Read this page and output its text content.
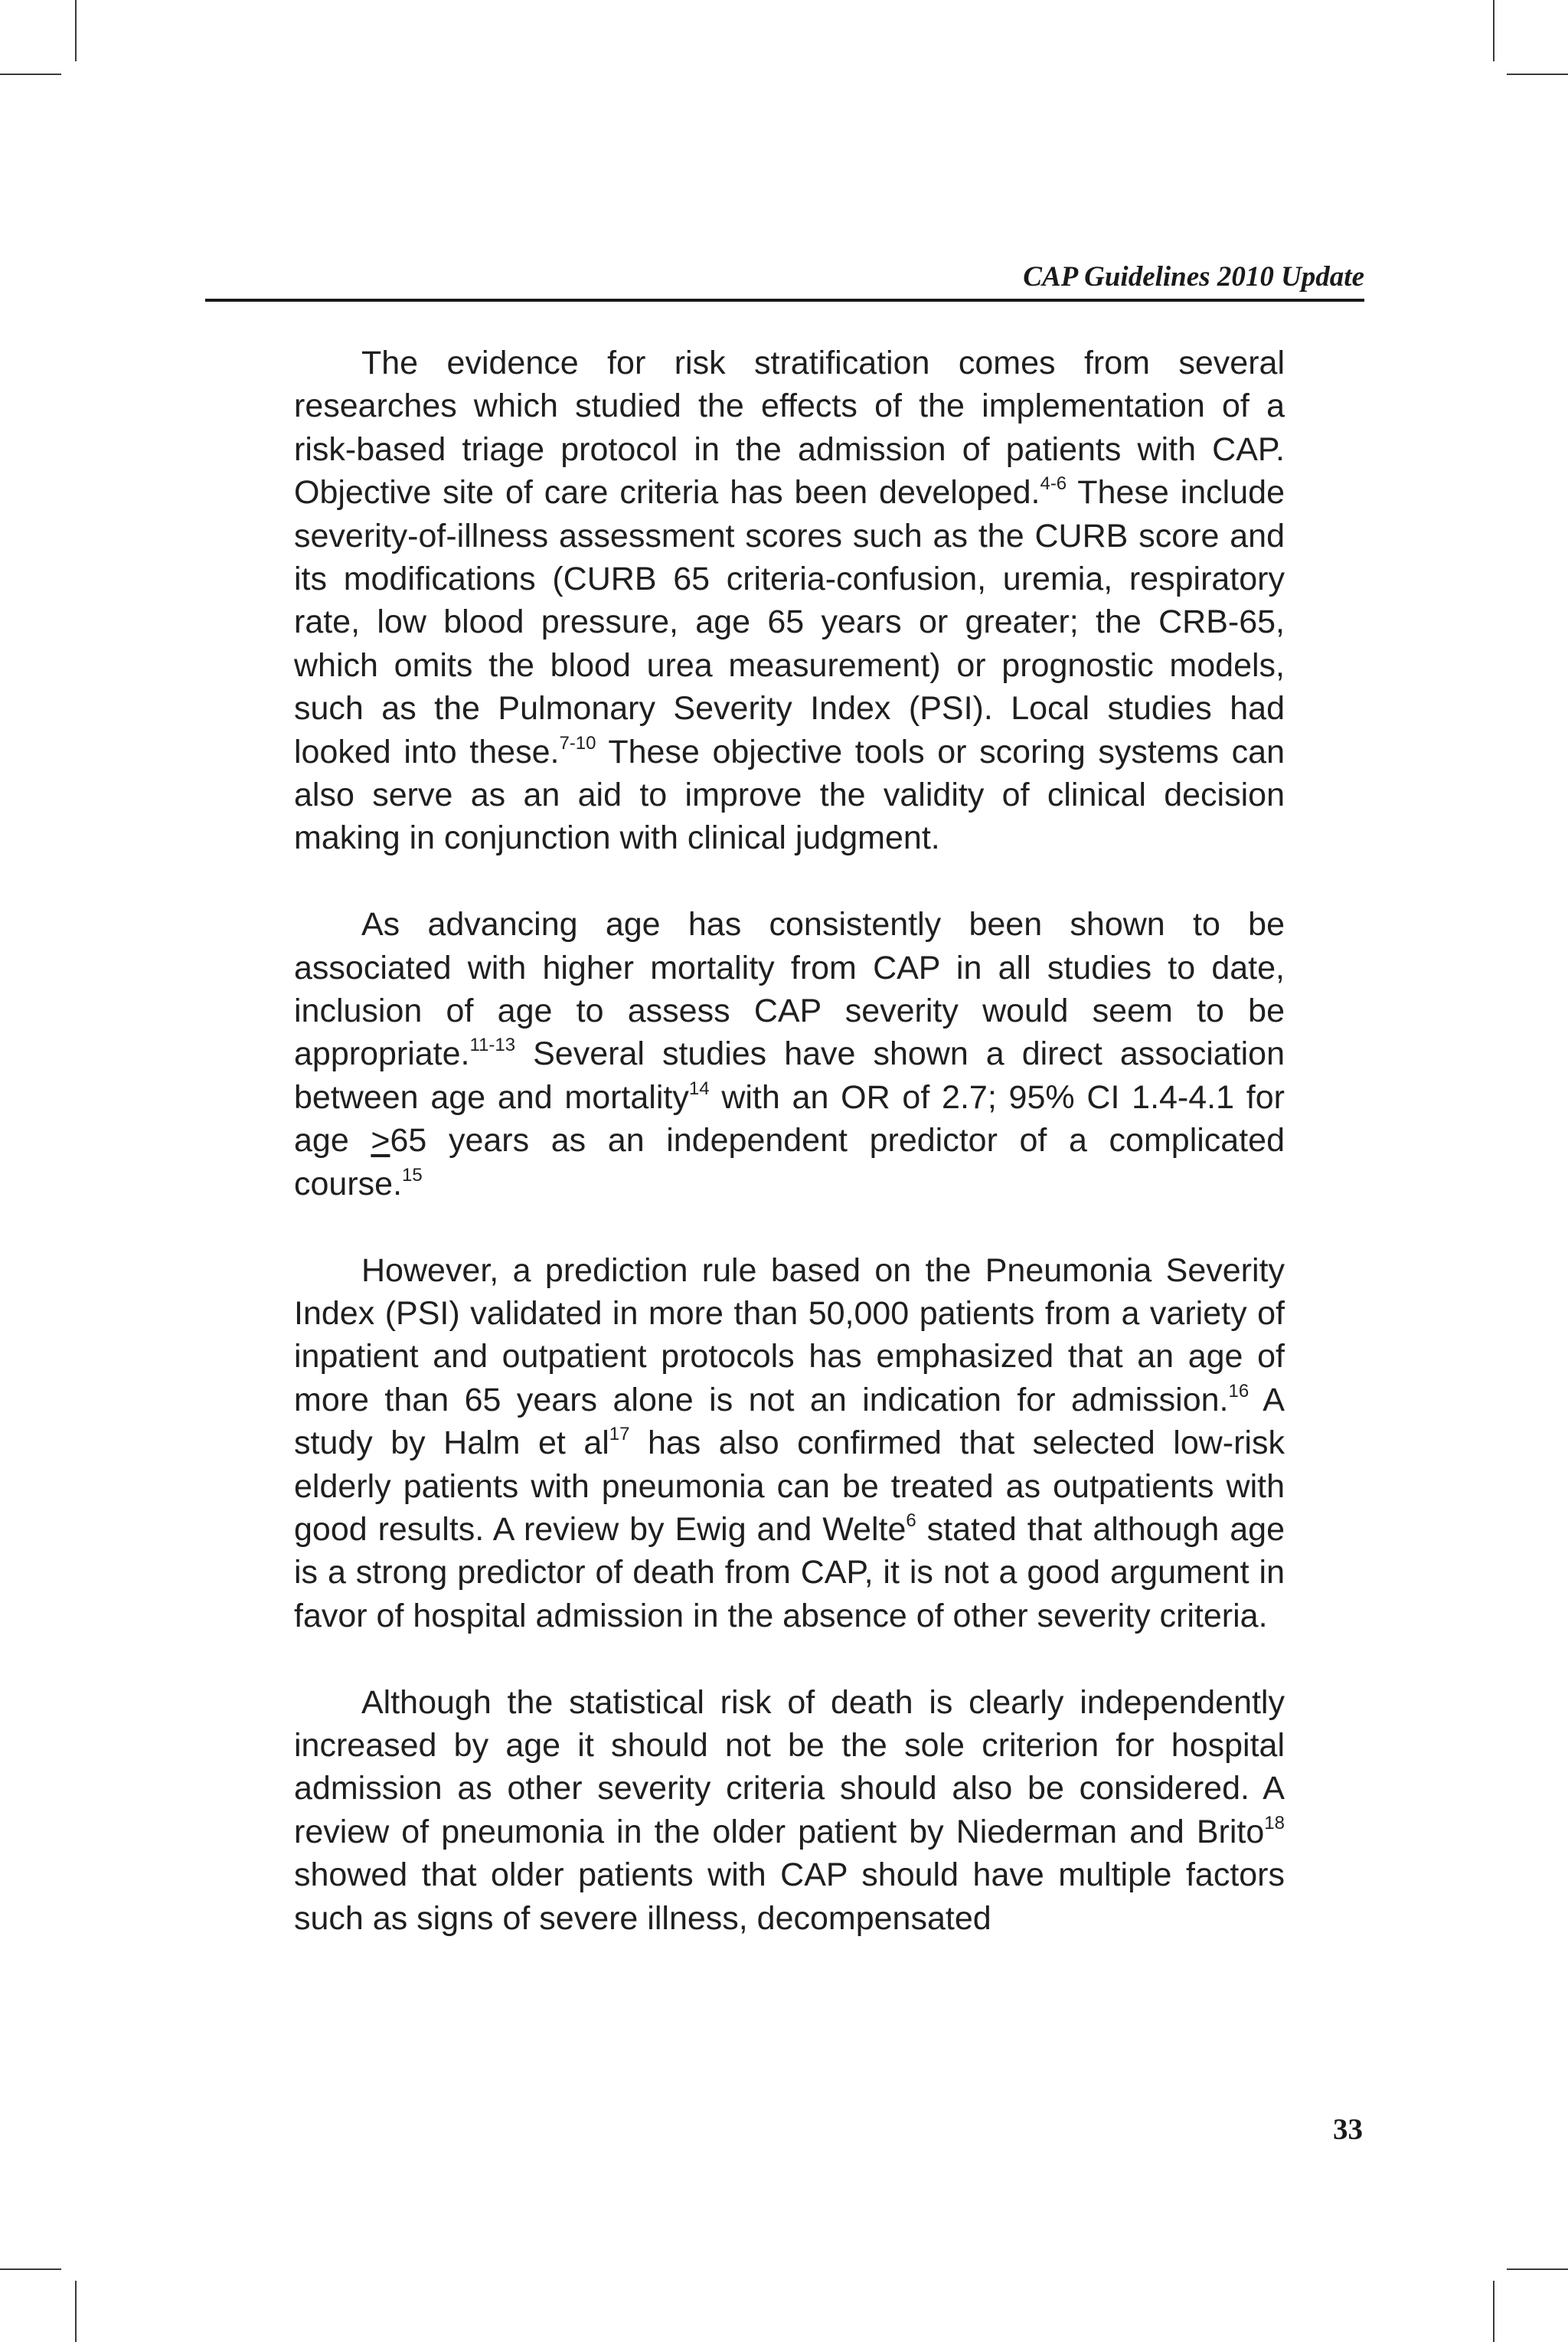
CAP Guidelines 2010 Update

The evidence for risk stratification comes from several researches which studied the effects of the implementation of a risk-based triage protocol in the admission of patients with CAP. Objective site of care criteria has been developed.$^{4-6}$ These include severity-of-illness assessment scores such as the CURB score and its modifications (CURB 65 criteria-confusion, uremia, respiratory rate, low blood pressure, age 65 years or greater; the CRB-65, which omits the blood urea measurement) or prognostic models, such as the Pulmonary Severity Index (PSI). Local studies had looked into these.$^{7-10}$ These objective tools or scoring systems can also serve as an aid to improve the validity of clinical decision making in conjunction with clinical judgment.

As advancing age has consistently been shown to be associated with higher mortality from CAP in all studies to date, inclusion of age to assess CAP severity would seem to be appropriate.$^{11-13}$ Several studies have shown a direct association between age and mortality$^{14}$ with an OR of 2.7; 95% CI 1.4-4.1 for age ≥65 years as an independent predictor of a complicated course.$^{15}$

However, a prediction rule based on the Pneumonia Severity Index (PSI) validated in more than 50,000 patients from a variety of inpatient and outpatient protocols has emphasized that an age of more than 65 years alone is not an indication for admission.$^{16}$ A study by Halm et $al^{17}$ has also confirmed that selected low-risk elderly patients with pneumonia can be treated as outpatients with good results. A review by Ewig and Welte$^6$ stated that although age is a strong predictor of death from CAP, it is not a good argument in favor of hospital admission in the absence of other severity criteria.

Although the statistical risk of death is clearly independently increased by age it should not be the sole criterion for hospital admission as other severity criteria should also be considered. A review of pneumonia in the older patient by Niederman and Brito$^{18}$ showed that older patients with CAP should have multiple factors such as signs of severe illness, decompensated

33
